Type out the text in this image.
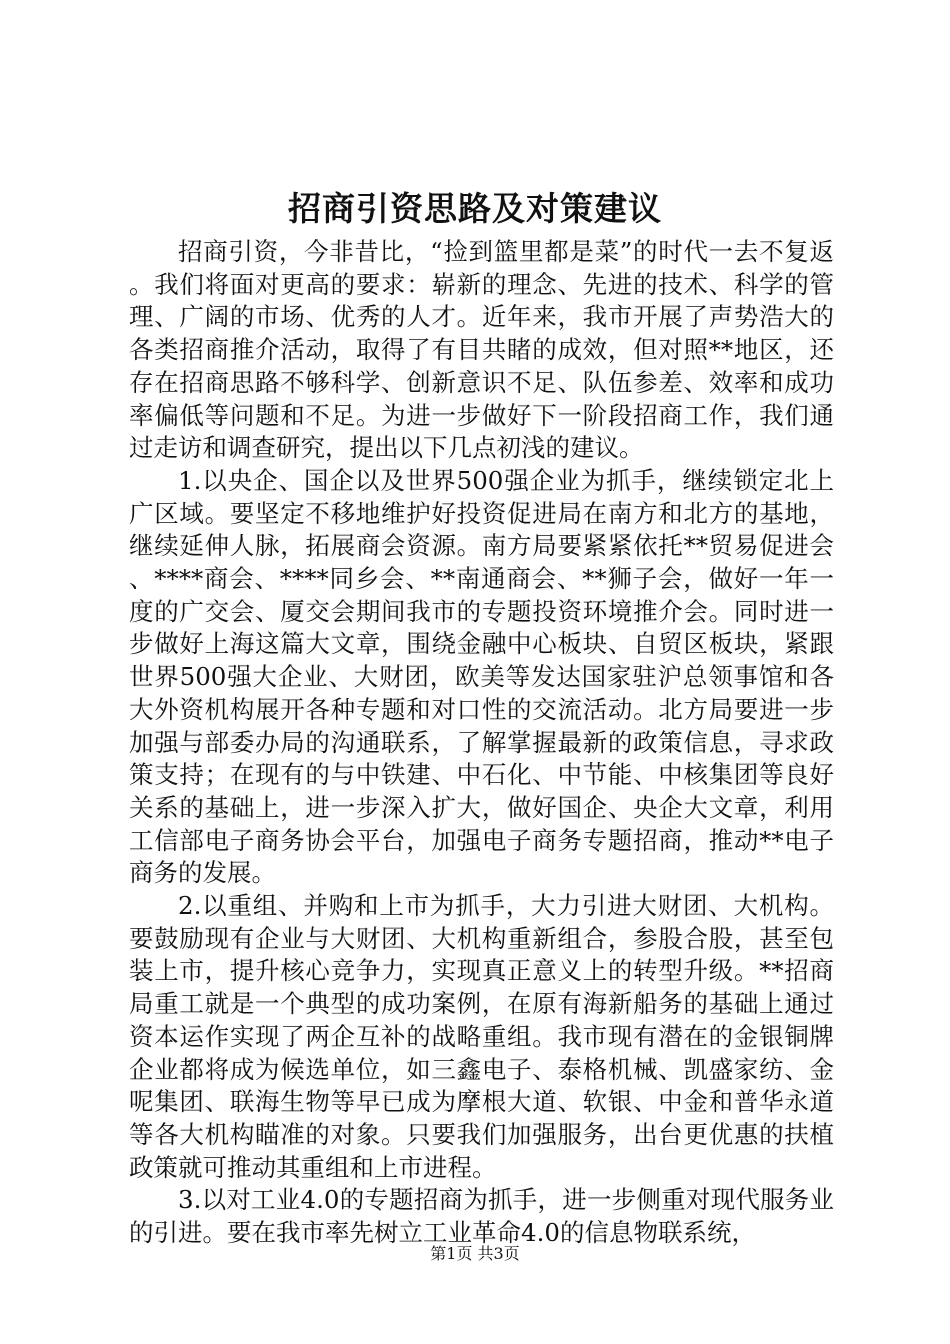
招商引资思路及对策建议

招商引资，今非昔比，“捡到篮里都是菜”的时代一去不复返。我们将面对更高的要求：崭新的理念、先进的技术、科学的管理、广阔的市场、优秀的人才。近年来，我市开展了声势浩大的各类招商推介活动，取得了有目共睹的成效，但对照**地区，还存在招商思路不够科学、创新意识不足、队伍参差、效率和成功率偏低等问题和不足。为进一步做好下一阶段招商工作，我们通过走访和调查研究，提出以下几点初浅的建议。

1.以央企、国企以及世界500强企业为抓手，继续锁定北上广区域。要坚定不移地维护好投资促进局在南方和北方的基地，继续延伸人脉，拓展商会资源。南方局要紧紧依托**贸易促进会、****商会、****同乡会、**南通商会、**狮子会，做好一年一度的广交会、厦交会期间我市的专题投资环境推介会。同时进一步做好上海这篇大文章，围绕金融中心板块、自贸区板块，紧跟世界500强大企业、大财团，欧美等发达国家驻沪总领事馆和各大外资机构展开各种专题和对口性的交流活动。北方局要进一步加强与部委办局的沟通联系，了解掌握最新的政策信息，寻求政策支持；在现有的与中铁建、中石化、中节能、中核集团等良好关系的基础上，进一步深入扩大，做好国企、央企大文章，利用工信部电子商务协会平台，加强电子商务专题招商，推动**电子商务的发展。

2.以重组、并购和上市为抓手，大力引进大财团、大机构。要鼓励现有企业与大财团、大机构重新组合，参股合股，甚至包装上市，提升核心竞争力，实现真正意义上的转型升级。**招商局重工就是一个典型的成功案例，在原有海新船务的基础上通过资本运作实现了两企互补的战略重组。我市现有潜在的金银铜牌企业都将成为候选单位，如三鑫电子、泰格机械、凯盛家纺、金呢集团、联海生物等早已成为摩根大道、软银、中金和普华永道等各大机构瞄准的对象。只要我们加强服务，出台更优惠的扶植政策就可推动其重组和上市进程。

3.以对工业4.0的专题招商为抓手，进一步侧重对现代服务业的引进。要在我市率先树立工业革命4.0的信息物联系统，

第1页 共3页
